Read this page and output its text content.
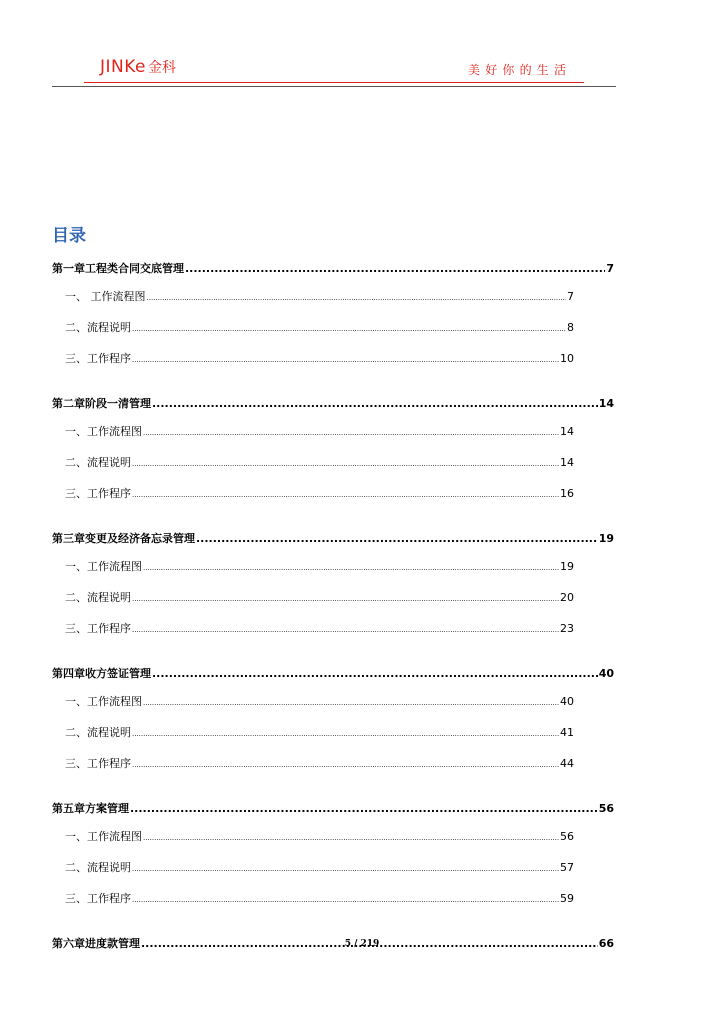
JINKe 金科	美好你的生活
目录
第一章工程类合同交底管理 .....	7
一、 工作流程图 .....	7
二、流程说明 .....	8
三、工作程序 .....	10
第二章阶段一清管理 .....	14
一、工作流程图 .....	14
二、流程说明 .....	14
三、工作程序 .....	16
第三章变更及经济备忘录管理 .....	19
一、工作流程图 .....	19
二、流程说明 .....	20
三、工作程序 .....	23
第四章收方签证管理 .....	40
一、工作流程图 .....	40
二、流程说明 .....	41
三、工作程序 .....	44
第五章方案管理 .....	56
一、工作流程图 .....	56
二、流程说明 .....	57
三、工作程序 .....	59
第六章进度款管理 .....	66
5 / 219
